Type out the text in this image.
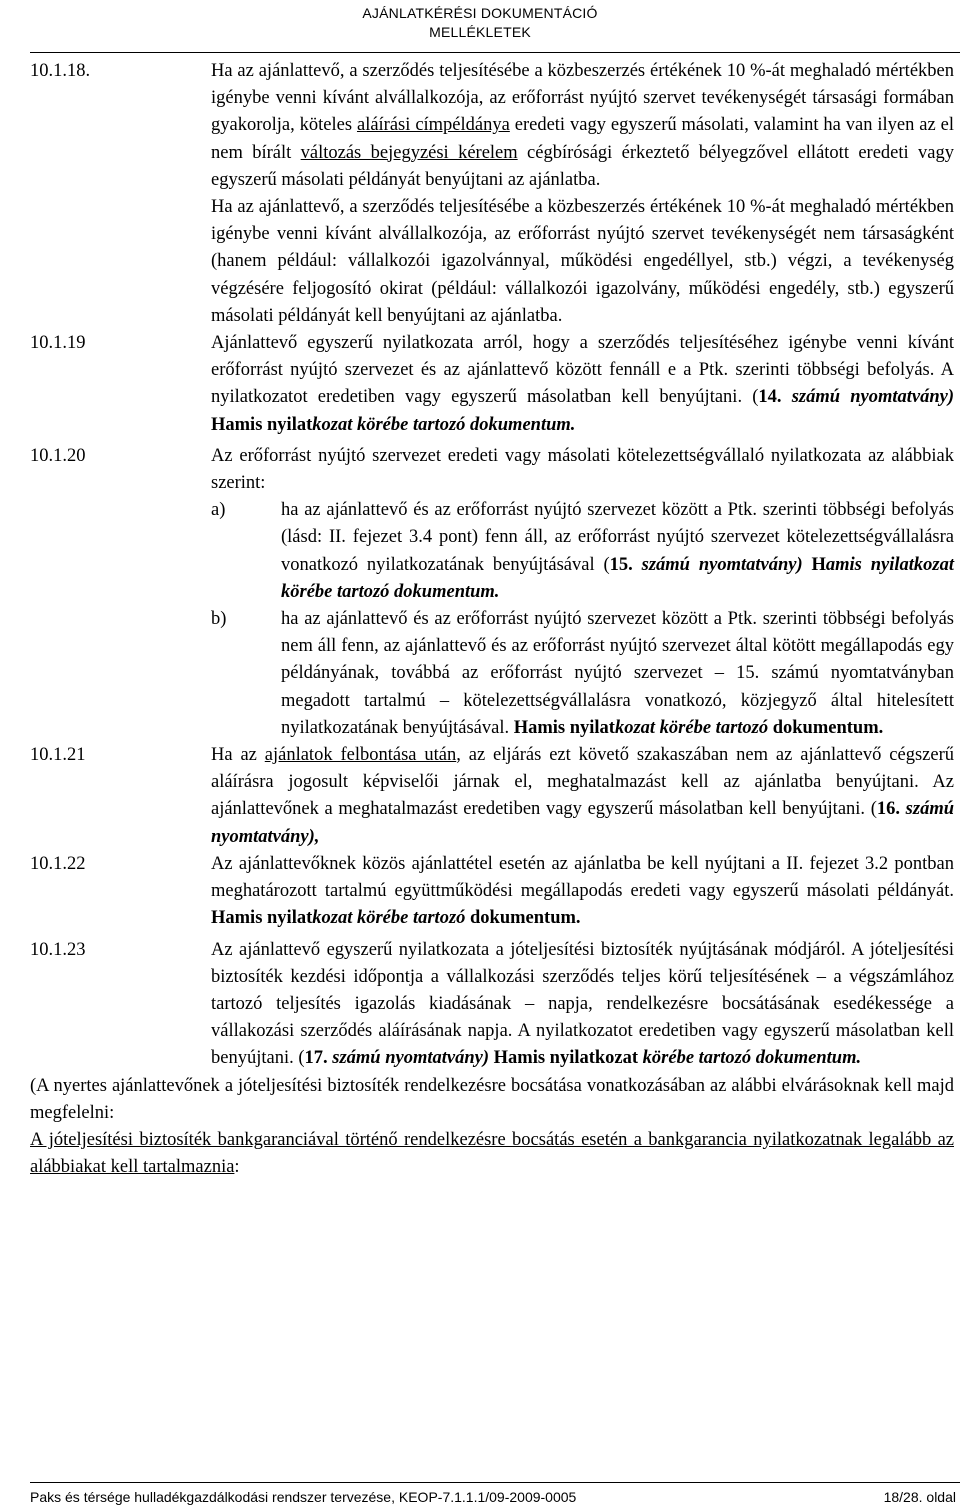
AJÁNLATKÉRÉSI DOKUMENTÁCIÓ
MELLÉKLETEK
10.1.18.	Ha az ajánlattevő, a szerződés teljesítésébe a közbeszerzés értékének 10 %-át meghaladó mértékben igénybe venni kívánt alvállalkozója, az erőforrást nyújtó szervet tevékenységét társasági formában gyakorolja, köteles aláírási címpéldánya eredeti vagy egyszerű másolati, valamint ha van ilyen az el nem bírált változás bejegyzési kérelem cégbírósági érkeztető bélyegzővel ellátott eredeti vagy egyszerű másolati példányát benyújtani az ajánlatba.

Ha az ajánlattevő, a szerződés teljesítésébe a közbeszerzés értékének 10 %-át meghaladó mértékben igénybe venni kívánt alvállalkozója, az erőforrást nyújtó szervet tevékenységét nem társaságként (hanem például: vállalkozói igazolvánnyal, működési engedéllyel, stb.) végzi, a tevékenység végzésére feljogosító okirat (például: vállalkozói igazolvány, működési engedély, stb.) egyszerű másolati példányát kell benyújtani az ajánlatba.

10.1.19	Ajánlattevő egyszerű nyilatkozata arról, hogy a szerződés teljesítéséhez igénybe venni kívánt erőforrást nyújtó szervezet és az ajánlattevő között fennáll e a Ptk. szerinti többségi befolyás. A nyilatkozatot eredetiben vagy egyszerű másolatban kell benyújtani. (14. számú nyomtatvány) Hamis nyilatkozat körébe tartozó dokumentum.

10.1.20	Az erőforrást nyújtó szervezet eredeti vagy másolati kötelezettségvállaló nyilatkozata az alábbiak szerint:

a)	ha az ajánlattevő és az erőforrást nyújtó szervezet között a Ptk. szerinti többségi befolyás (lásd: II. fejezet 3.4 pont) fenn áll, az erőforrást nyújtó szervezet kötelezettségvállalásra vonatkozó nyilatkozatának benyújtásával (15. számú nyomtatvány) Hamis nyilatkozat körébe tartozó dokumentum.
b)	ha az ajánlattevő és az erőforrást nyújtó szervezet között a Ptk. szerinti többségi befolyás nem áll fenn, az ajánlattevő és az erőforrást nyújtó szervezet által kötött megállapodás egy példányának, továbbá az erőforrást nyújtó szervezet – 15. számú nyomtatványban megadott tartalmú – kötelezettségvállalásra vonatkozó, közjegyző által hitelesített nyilatkozatának benyújtásával. Hamis nyilatkozat körébe tartozó dokumentum.
10.1.21	Ha az ajánlatok felbontása után, az eljárás ezt követő szakaszában nem az ajánlattevő cégszerű aláírásra jogosult képviselői járnak el, meghatalmazást kell az ajánlatba benyújtani. Az ajánlattevőnek a meghatalmazást eredetiben vagy egyszerű másolatban kell benyújtani. (16. számú nyomtatvány),

10.1.22	Az ajánlattevőknek közös ajánlattétel esetén az ajánlatba be kell nyújtani a II. fejezet 3.2 pontban meghatározott tartalmú együttműködési megállapodás eredeti vagy egyszerű másolati példányát. Hamis nyilatkozat körébe tartozó dokumentum.

10.1.23	Az ajánlattevő egyszerű nyilatkozata a jóteljesítési biztosíték nyújtásának módjáról. A jóteljesítési biztosíték kezdési időpontja a vállalkozási szerződés teljes körű teljesítésének – a végszámlához tartozó teljesítés igazolás kiadásának – napja, rendelkezésre bocsátásának esedékessége a vállakozási szerződés aláírásának napja. A nyilatkozatot eredetiben vagy egyszerű másolatban kell benyújtani. (17. számú nyomtatvány) Hamis nyilatkozat körébe tartozó dokumentum.

(A nyertes ajánlattevőnek a jóteljesítési biztosíték rendelkezésre bocsátása vonatkozásában az alábbi elvárásoknak kell majd megfelelni:

A jóteljesítési biztosíték bankgaranciával történő rendelkezésre bocsátás esetén a bankgarancia nyilatkozatnak legalább az alábbiakat kell tartalmaznia:

Paks és térsége hulladékgazdálkodási rendszer tervezése, KEOP-7.1.1.1/09-2009-0005	18/28. oldal
